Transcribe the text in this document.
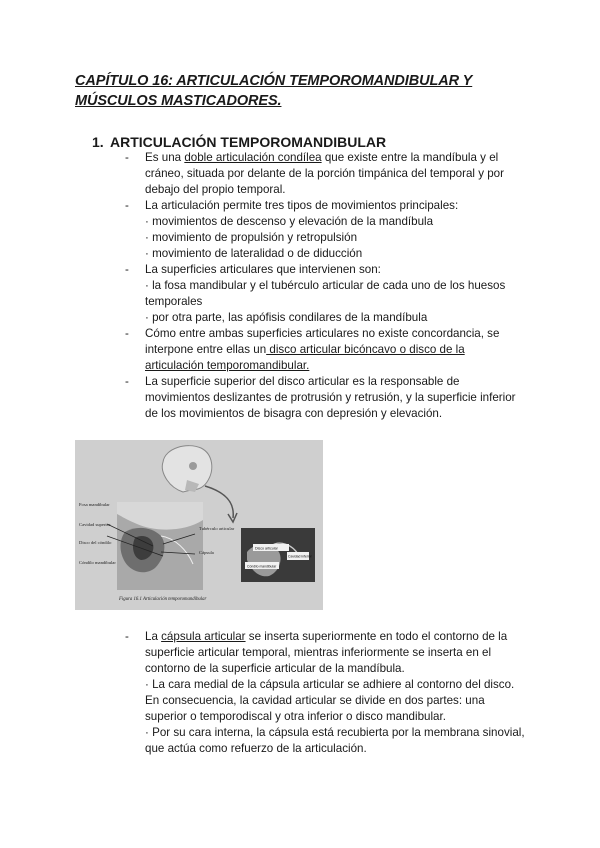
CAPÍTULO 16: ARTICULACIÓN TEMPOROMANDIBULAR Y
MÚSCULOS MASTICADORES.
1. ARTICULACIÓN TEMPOROMANDIBULAR
- Es una doble articulación condílea que existe entre la mandíbula y el cráneo, situada por delante de la porción timpánica del temporal y por debajo del propio temporal.
- La articulación permite tres tipos de movimientos principales:
· movimientos de descenso y elevación de la mandíbula
· movimiento de propulsión y retropulsión
· movimiento de lateralidad o de diducción
- La superficies articulares que intervienen son:
· la fosa mandibular y el tubérculo articular de cada uno de los huesos temporales
· por otra parte, las apófisis condilares de la mandíbula
- Cómo entre ambas superficies articulares no existe concordancia, se interpone entre ellas un disco articular bicóncavo o disco de la articulación temporomandibular.
- La superficie superior del disco articular es la responsable de movimientos deslizantes de protrusión y retrusión, y la superficie inferior de los movimientos de bisagra con depresión y elevación.
Fosa mandibular
Cavidad superior
Disco del cóndilo
Cóndilo mandibular
Tubérculo articular
Cápsula
Disco articular
Cavidad inferior
Cóndilo mandibular
Figura 16.1 Articulación temporomandibular
- La cápsula articular se inserta superiormente en todo el contorno de la superficie articular temporal, mientras inferiormente se inserta en el contorno de la superficie articular de la mandíbula.
· La cara medial de la cápsula articular se adhiere al contorno del disco. En consecuencia, la cavidad articular se divide en dos partes: una superior o temporodiscal y otra inferior o disco mandibular.
· Por su cara interna, la cápsula está recubierta por la membrana sinovial, que actúa como refuerzo de la articulación.
